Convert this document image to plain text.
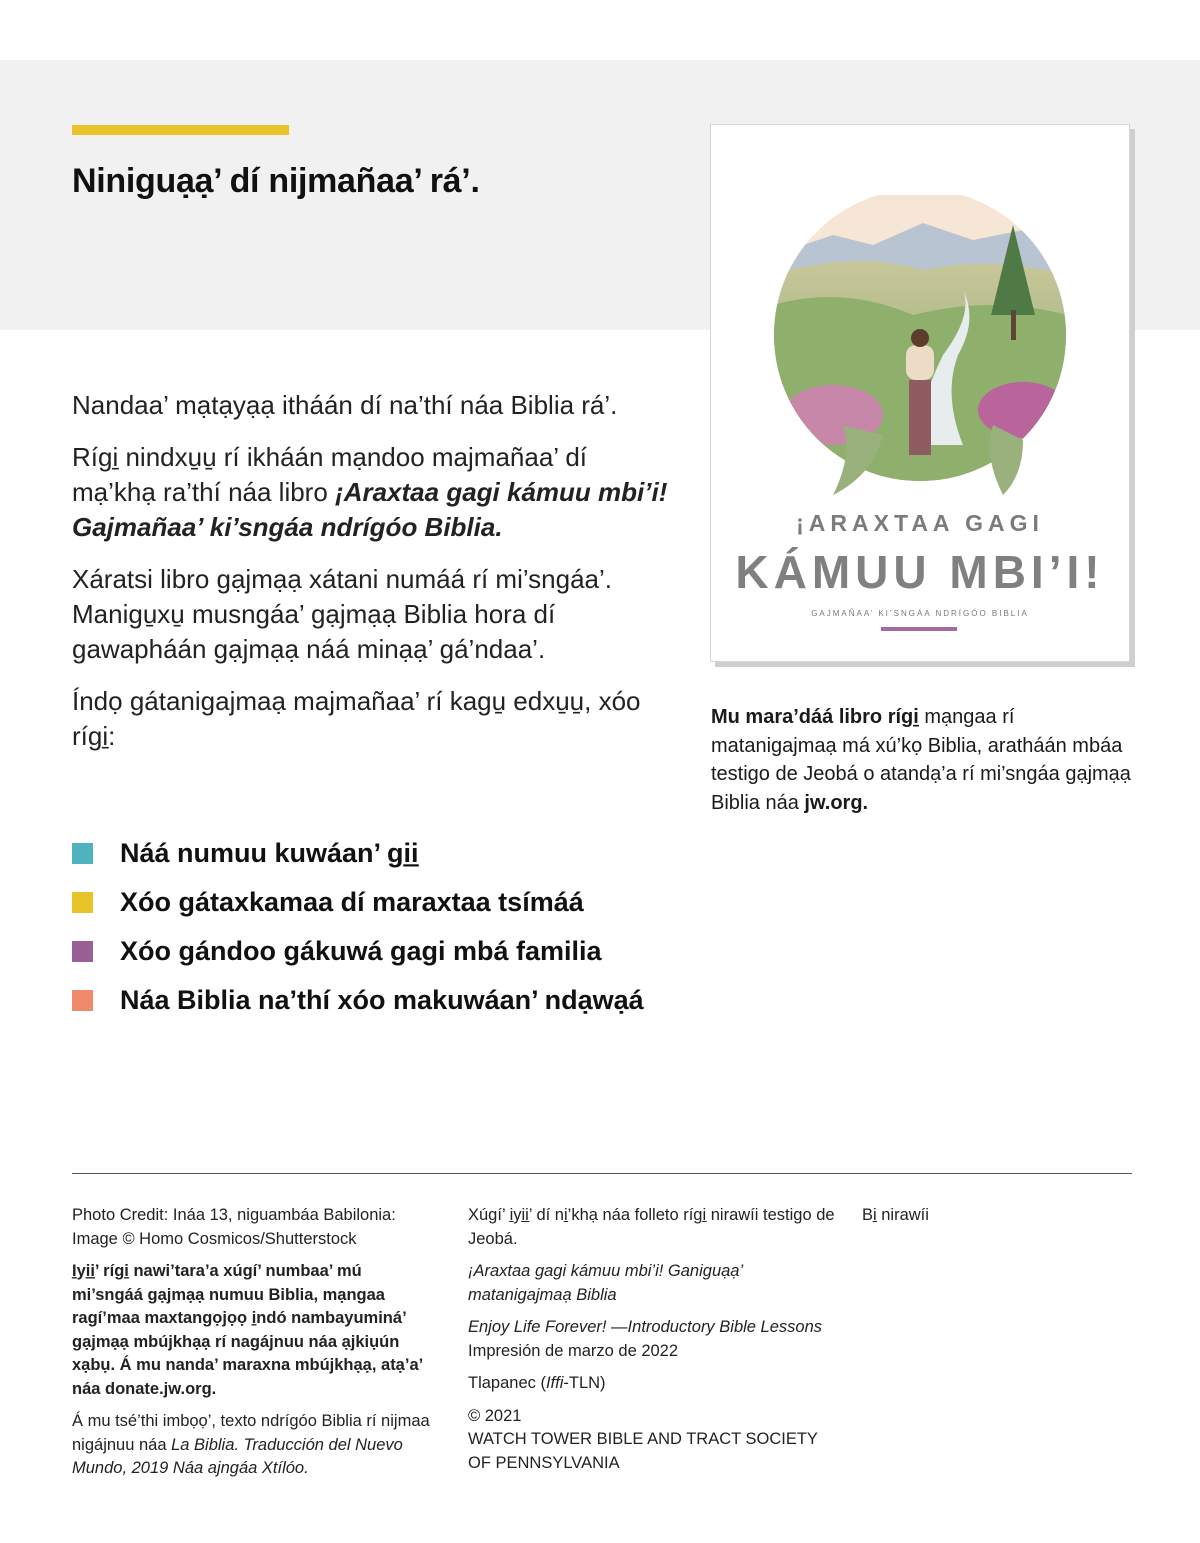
Niniguạạ’ dí nijmañaa’ rá’.

Nandaa’ mạtạyạạ itháán dí na’thí náa Biblia rá’.

Rígi̱ nindxu̱u̱ rí ikháán mạndoo majmañaa’ dí mạ’khạ ra’thí náa libro ¡Araxtaa gagi kámuu mbi’i! Gajmañaa’ ki’sngáa ndrígóo Biblia.

Xáratsi libro gạjmạạ xátani numáá rí mi’sngáa’. Manigu̱xu̱ musngáa’ gạjmạạ Biblia hora dí gawapháán gạjmạạ náá minạạ’ gá’ndaa’.

Índọ gátanigajmaạ majmañaa’ rí kagu̱ edxu̱u̱, xóo rígi̱:

Náá numuu kuwáan’ gi̱i̱
Xóo gátaxkamaa dí maraxtaa tsímáá
Xóo gándoo gákuwá gagi mbá familia
Náa Biblia na’thí xóo makuwáan’ ndạwạá
¡ARAXTAA GAGI
KÁMUU MBI’I!
GAJMAÑAA’ KI’SNGÁA NDRÍGÓO BIBLIA
Mu mara’dáá libro rígi̱ mạngaa rí matanigajmaạ má xú’kọ Biblia, aratháán mbáa testigo de Jeobá o atandạ’a rí mi’sngáa gạjmạạ Biblia náa jw.org.

Photo Credit: Ináa 13, niguambáa Babilonia: Image © Homo Cosmicos/Shutterstock

I̱yi̱i̱’ rígi̱ nawi’tara’a xúgí’ numbaa’ mú mi’sngáá gạjmạạ numuu Biblia, mạngaa ragí’maa maxtangọjọọ i̱ndó nambayuminá’ gạjmạạ mbújkhạạ rí nagájnuu náa ạjkiụún xạbụ. Á mu nanda’ maraxna mbújkhạạ, atạ’a’ náa donate.jw.org.

Á mu tsé’thi imbọọ’, texto ndrígóo Biblia rí nijmaa nigájnuu náa La Biblia. Traducción del Nuevo Mundo, 2019 Náa ajngáa Xtílóo.

Xúgí’ i̱yi̱i̱’ dí ni̱’khạ náa folleto rígi̱ nirawíi testigo de Jeobá.

¡Araxtaa gagi kámuu mbi’i! Ganiguạạ’ matanigajmaạ Biblia

Enjoy Life Forever! —Introductory Bible Lessons

Impresión de marzo de 2022

Tlapanec (Iffi-TLN)

© 2021

WATCH TOWER BIBLE AND TRACT SOCIETY OF PENNSYLVANIA

Bi̱ nirawíi
